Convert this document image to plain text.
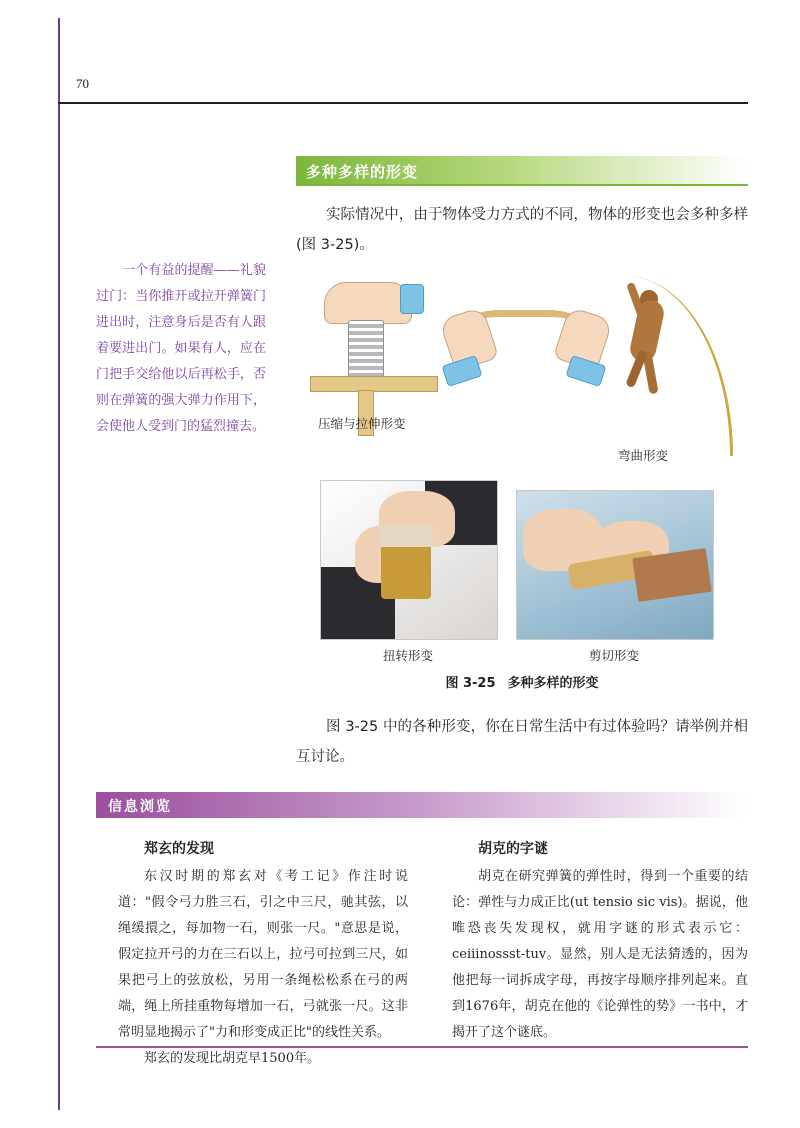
70
多种多样的形变
实际情况中，由于物体受力方式的不同，物体的形变也会多种多样(图 3-25)。
一个有益的提醒——礼貌过门：当你推开或拉开弹簧门进出时，注意身后是否有人跟着要进出门。如果有人，应在门把手交给他以后再松手，否则在弹簧的强大弹力作用下，会使他人受到门的猛烈撞去。	压缩与拉伸形变
弯曲形变
扭转形变	剪切形变
图 3-25 多种多样的形变
图 3-25 中的各种形变，你在日常生活中有过体验吗？请举例并相互讨论。
信息浏览
郑玄的发现

东汉时期的郑玄对《考工记》作注时说道："假令弓力胜三石，引之中三尺，驰其弦，以绳缓擐之，每加物一石，则张一尺。"意思是说，假定拉开弓的力在三石以上，拉弓可拉到三尺，如果把弓上的弦放松，另用一条绳松松系在弓的两端，绳上所挂重物每增加一石，弓就张一尺。这非常明显地揭示了"力和形变成正比"的线性关系。

郑玄的发现比胡克早1500年。

胡克的字谜

胡克在研究弹簧的弹性时，得到一个重要的结论：弹性与力成正比(ut tensio sic vis)。据说，他唯恐丧失发现权，就用字谜的形式表示它：ceiiinossst-tuv。显然，别人是无法猜透的，因为他把每一词拆成字母，再按字母顺序排列起来。直到1676年，胡克在他的《论弹性的势》一书中，才揭开了这个谜底。
